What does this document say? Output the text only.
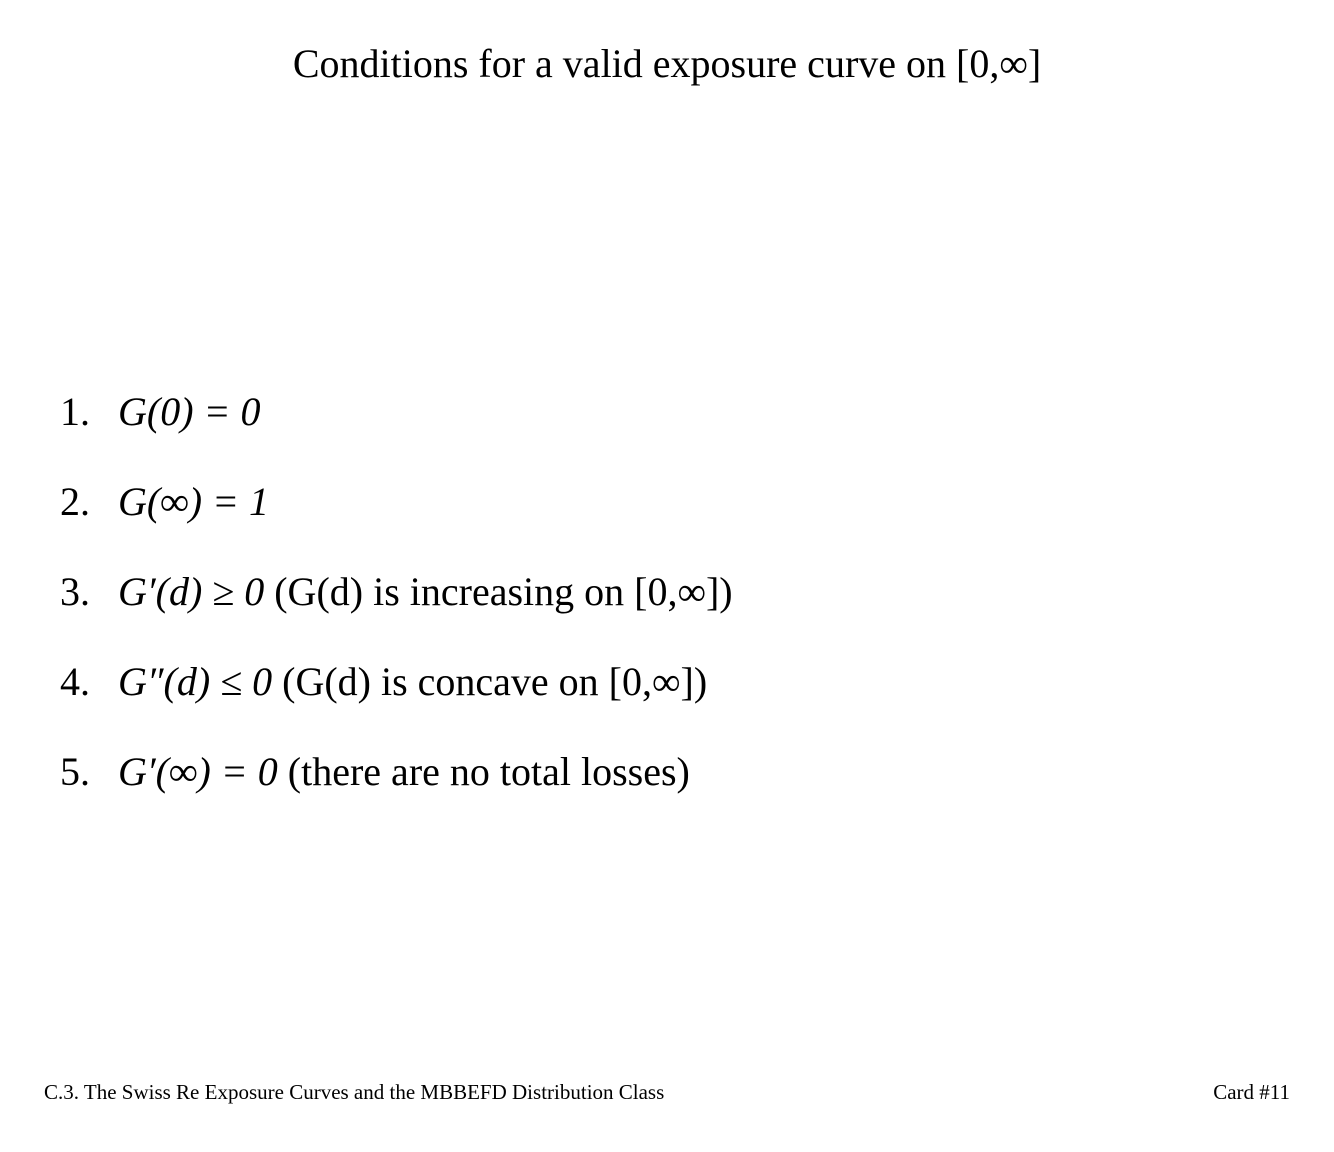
Conditions for a valid exposure curve on [0,∞]
1. G(0) = 0
2. G(∞) = 1
3. G′(d) ≥ 0 (G(d) is increasing on [0,∞])
4. G″(d) ≤ 0 (G(d) is concave on [0,∞])
5. G′(∞) = 0 (there are no total losses)
C.3. The Swiss Re Exposure Curves and the MBBEFD Distribution Class	Card #11
